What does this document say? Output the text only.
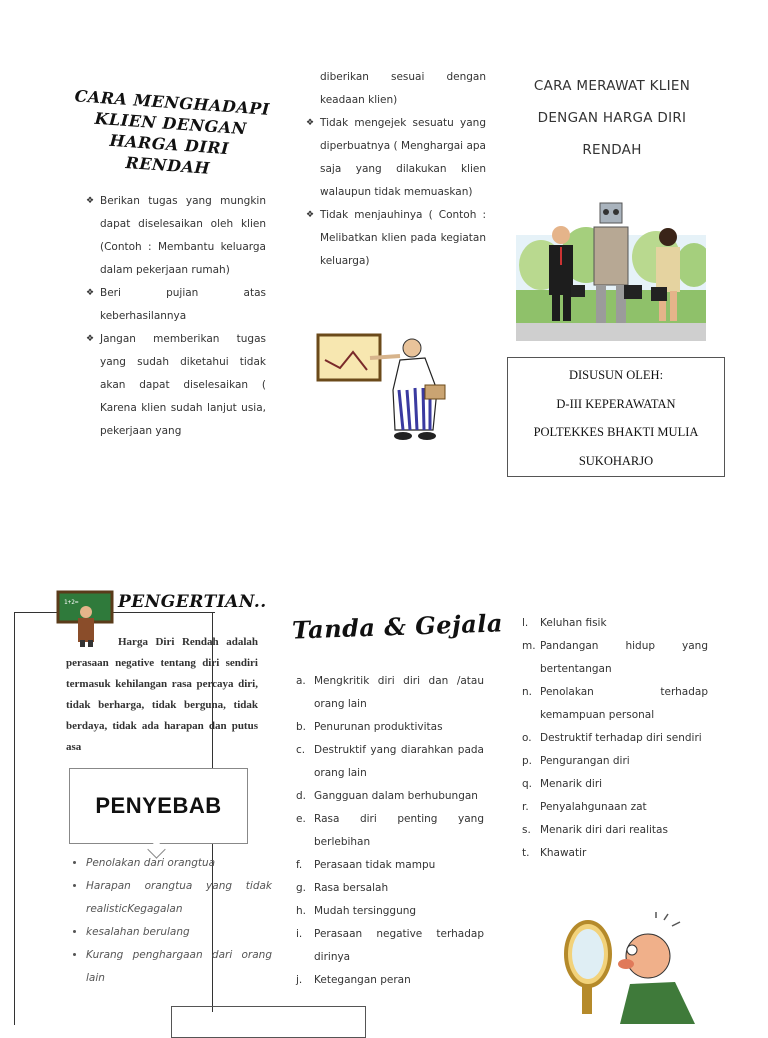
CARA MENGHADAPI KLIEN DENGAN HARGA DIRI RENDAH
❖ Berikan tugas yang mungkin dapat diselesaikan oleh klien (Contoh : Membantu keluarga dalam pekerjaan rumah)
❖ Beri pujian atas keberhasilannya
❖ Jangan memberikan tugas yang sudah diketahui tidak akan dapat diselesaikan ( Karena klien sudah lanjut usia, pekerjaan yang
diberikan sesuai dengan keadaan klien)
❖ Tidak mengejek sesuatu yang diperbuatnya ( Menghargai apa saja yang dilakukan klien walaupun tidak memuaskan)
❖ Tidak menjauhinya ( Contoh : Melibatkan klien pada kegiatan keluarga)
CARA MERAWAT KLIEN
DENGAN HARGA DIRI
RENDAH
DISUSUN OLEH:
D-III KEPERAWATAN
POLTEKKES BHAKTI MULIA
SUKOHARJO
1+2= PENGERTIAN..
Harga Diri Rendah adalah perasaan negative tentang diri sendiri termasuk kehilangan rasa percaya diri, tidak berharga, tidak berguna, tidak berdaya, tidak ada harapan dan putus asa
PENYEBAB
• Penolakan dari orangtua
• Harapan orangtua yang tidak realisticKegagalan
• kesalahan berulang
• Kurang penghargaan dari orang lain
Tanda & Gejala
a. Mengkritik diri diri dan /atau orang lain
b. Penurunan produktivitas
c. Destruktif yang diarahkan pada orang lain
d. Gangguan dalam berhubungan
e. Rasa diri penting yang berlebihan
f.	Perasaan tidak mampu
g. Rasa bersalah
h. Mudah tersinggung
i.	Perasaan negative terhadap dirinya
j.	Ketegangan peran
l.	Keluhan fisik
m. Pandangan hidup yang bertentangan
n. Penolakan terhadap kemampuan personal
o. Destruktif terhadap diri sendiri
p. Pengurangan diri
q. Menarik diri
r.	Penyalahgunaan zat
s. Menarik diri dari realitas
t.	Khawatir
